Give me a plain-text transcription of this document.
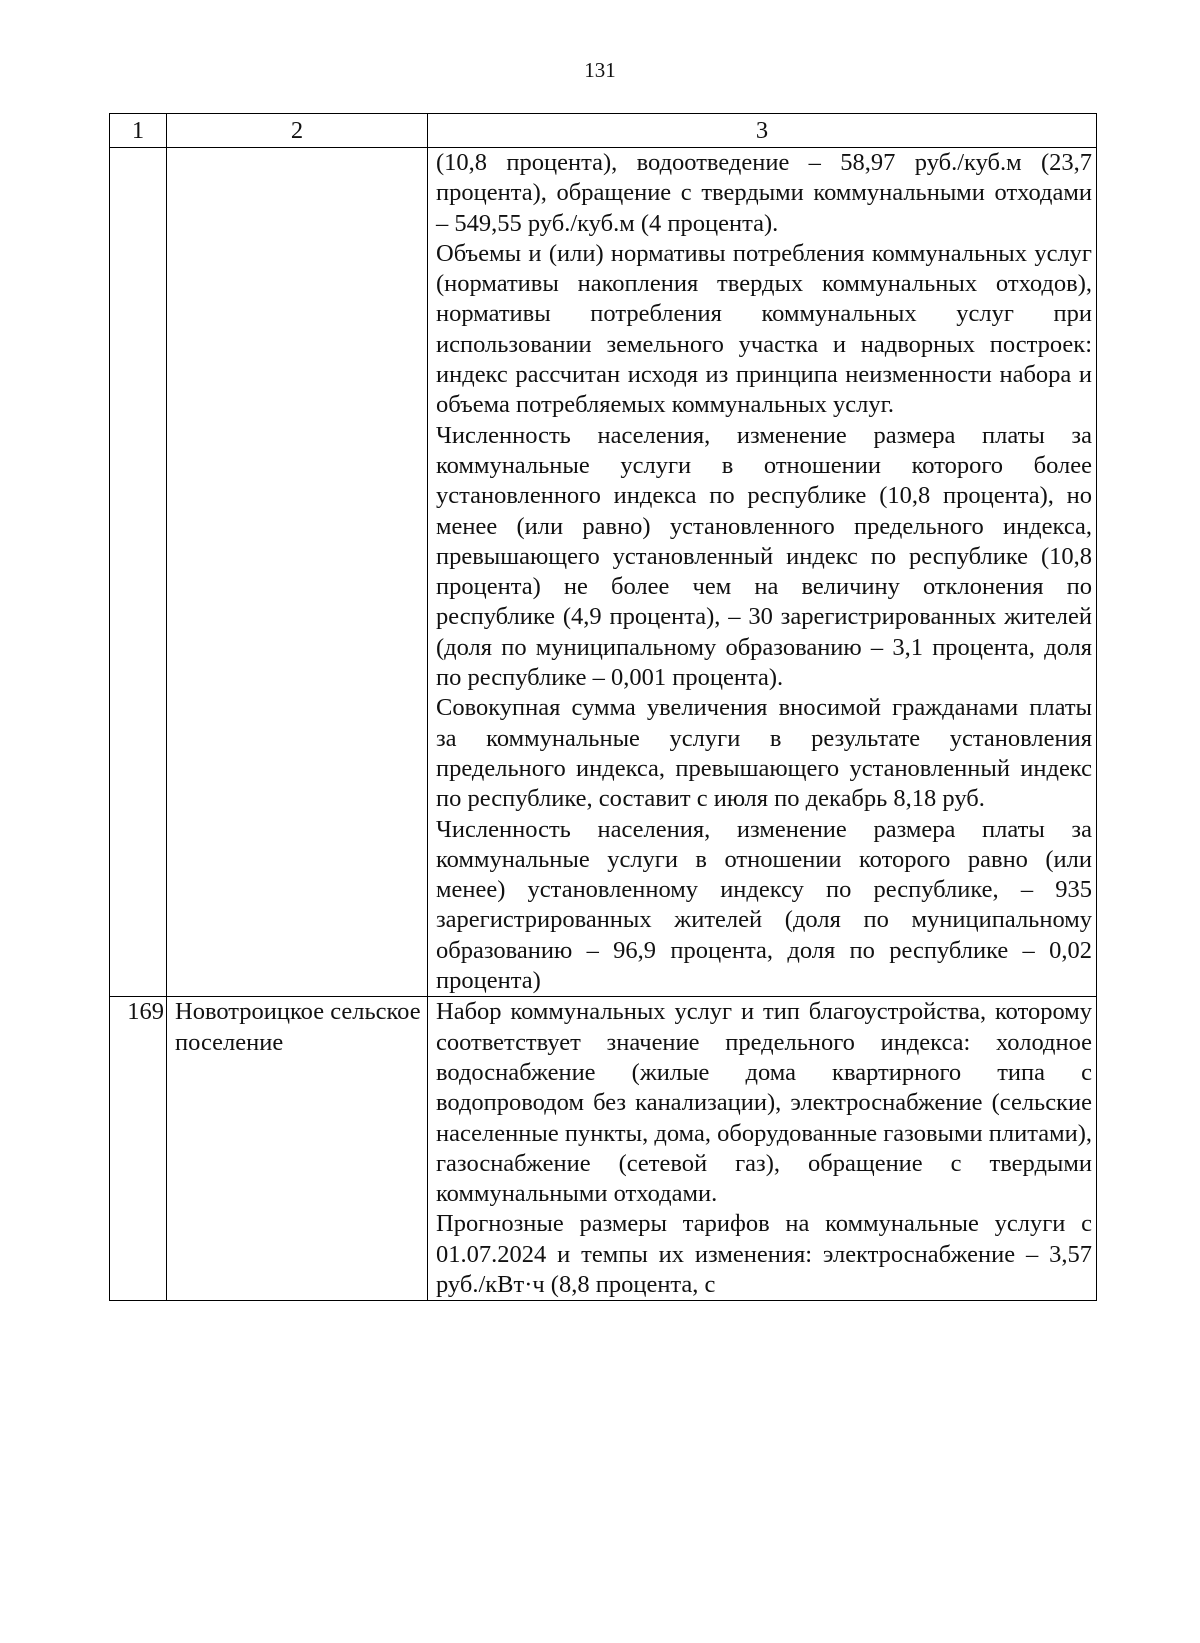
131
1	2	3

		(10,8 процента), водоотведение – 58,97 руб./куб.м (23,7 процента), обращение с твердыми коммунальными отходами – 549,55 руб./куб.м (4 процента).

Объемы и (или) нормативы потребления коммунальных услуг (нормативы накопления твердых коммунальных отходов), нормативы потребления коммунальных услуг при использовании земельного участка и надворных построек: индекс рассчитан исходя из принципа неизменности набора и объема потребляемых коммунальных услуг.

Численность населения, изменение размера платы за коммунальные услуги в отношении которого более установленного индекса по республике (10,8 процента), но менее (или равно) установленного предельного индекса, превышающего установленный индекс по республике (10,8 процента) не более чем на величину отклонения по республике (4,9 процента), – 30 зарегистрированных жителей (доля по муниципальному образованию – 3,1 процента, доля по республике – 0,001 процента).

Совокупная сумма увеличения вносимой гражданами платы за коммунальные услуги в результате установления предельного индекса, превышающего установленный индекс по республике, составит с июля по декабрь 8,18 руб.

Численность населения, изменение размера платы за коммунальные услуги в отношении которого равно (или менее) установленному индексу по республике, – 935 зарегистрированных жителей (доля по муниципальному образованию – 96,9 процента, доля по республике – 0,02 процента)

169	Новотроицкое сельское поселение	Набор коммунальных услуг и тип благоустройства, которому соответствует значение предельного индекса: холодное водоснабжение (жилые дома квартирного типа с водопроводом без канализации), электроснабжение (сельские населенные пункты, дома, оборудованные газовыми плитами), газоснабжение (сетевой газ), обращение с твердыми коммунальными отходами.

Прогнозные размеры тарифов на коммунальные услуги с 01.07.2024 и темпы их изменения: электроснабжение – 3,57 руб./кВт·ч (8,8 процента, с
